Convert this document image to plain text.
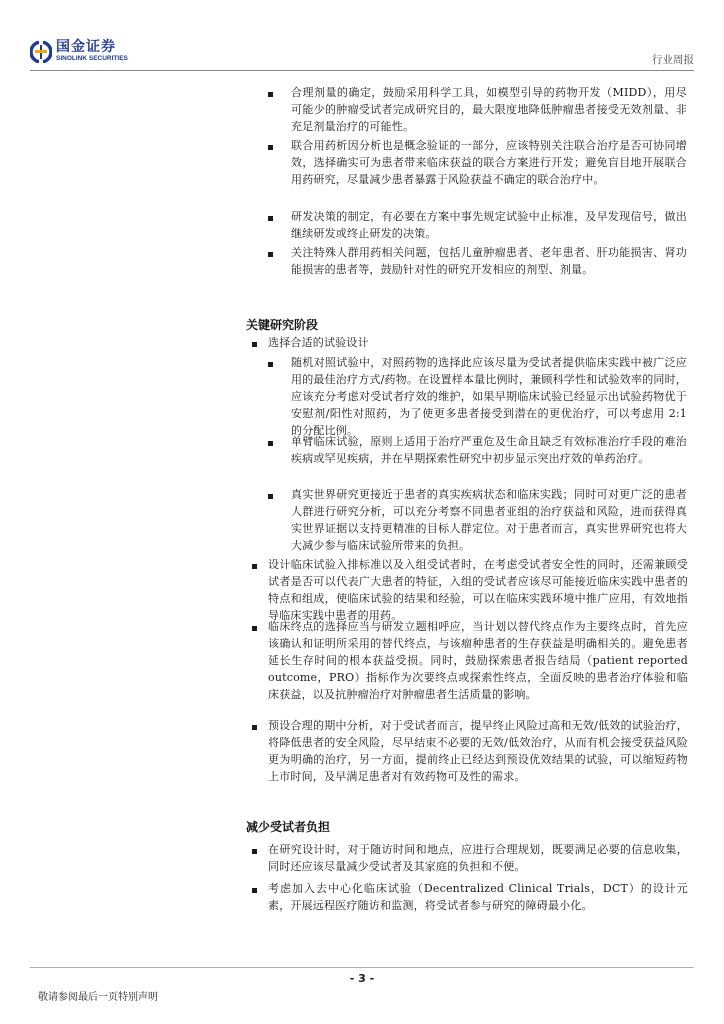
国金证券
SINOLINK SECURITIES	行业周报
合理剂量的确定，鼓励采用科学工具，如模型引导的药物开发（MIDD），用尽可能少的肿瘤受试者完成研究目的，最大限度地降低肿瘤患者接受无效剂量、非充足剂量治疗的可能性。
联合用药析因分析也是概念验证的一部分，应该特别关注联合治疗是否可协同增效，选择确实可为患者带来临床获益的联合方案进行开发；避免盲目地开展联合用药研究，尽量减少患者暴露于风险获益不确定的联合治疗中。
研发决策的制定，有必要在方案中事先规定试验中止标准，及早发现信号，做出继续研发或终止研发的决策。
关注特殊人群用药相关问题，包括儿童肿瘤患者、老年患者、肝功能损害、肾功能损害的患者等，鼓励针对性的研究开发相应的剂型、剂量。
关键研究阶段
选择合适的试验设计
随机对照试验中，对照药物的选择此应该尽量为受试者提供临床实践中被广泛应用的最佳治疗方式/药物。在设置样本量比例时，兼顾科学性和试验效率的同时，应该充分考虑对受试者疗效的维护，如果早期临床试验已经显示出试验药物优于安慰剂/阳性对照药，为了使更多患者接受到潜在的更优治疗，可以考虑用 2:1 的分配比例。
单臂临床试验，原则上适用于治疗严重危及生命且缺乏有效标准治疗手段的难治疾病或罕见疾病，并在早期探索性研究中初步显示突出疗效的单药治疗。
真实世界研究更接近于患者的真实疾病状态和临床实践；同时可对更广泛的患者人群进行研究分析，可以充分考察不同患者亚组的治疗获益和风险，进而获得真实世界证据以支持更精准的目标人群定位。对于患者而言，真实世界研究也将大大减少参与临床试验所带来的负担。
设计临床试验入排标准以及入组受试者时，在考虑受试者安全性的同时，还需兼顾受试者是否可以代表广大患者的特征，入组的受试者应该尽可能接近临床实践中患者的特点和组成，使临床试验的结果和经验，可以在临床实践环境中推广应用，有效地指导临床实践中患者的用药。
临床终点的选择应当与研发立题相呼应，当计划以替代终点作为主要终点时，首先应该确认和证明所采用的替代终点，与该瘤种患者的生存获益是明确相关的。避免患者延长生存时间的根本获益受损。同时，鼓励探索患者报告结局（patient reported outcome，PRO）指标作为次要终点或探索性终点，全面反映的患者治疗体验和临床获益，以及抗肿瘤治疗对肿瘤患者生活质量的影响。
预设合理的期中分析，对于受试者而言，提早终止风险过高和无效/低效的试验治疗，将降低患者的安全风险，尽早结束不必要的无效/低效治疗，从而有机会接受获益风险更为明确的治疗，另一方面，提前终止已经达到预设优效结果的试验，可以缩短药物上市时间，及早满足患者对有效药物可及性的需求。
减少受试者负担
在研究设计时，对于随访时间和地点，应进行合理规划，既要满足必要的信息收集，同时还应该尽量减少受试者及其家庭的负担和不便。
考虑加入去中心化临床试验（Decentralized Clinical Trials，DCT）的设计元素，开展远程医疗随访和监测，将受试者参与研究的障碍最小化。
- 3 -
敬请参阅最后一页特别声明
